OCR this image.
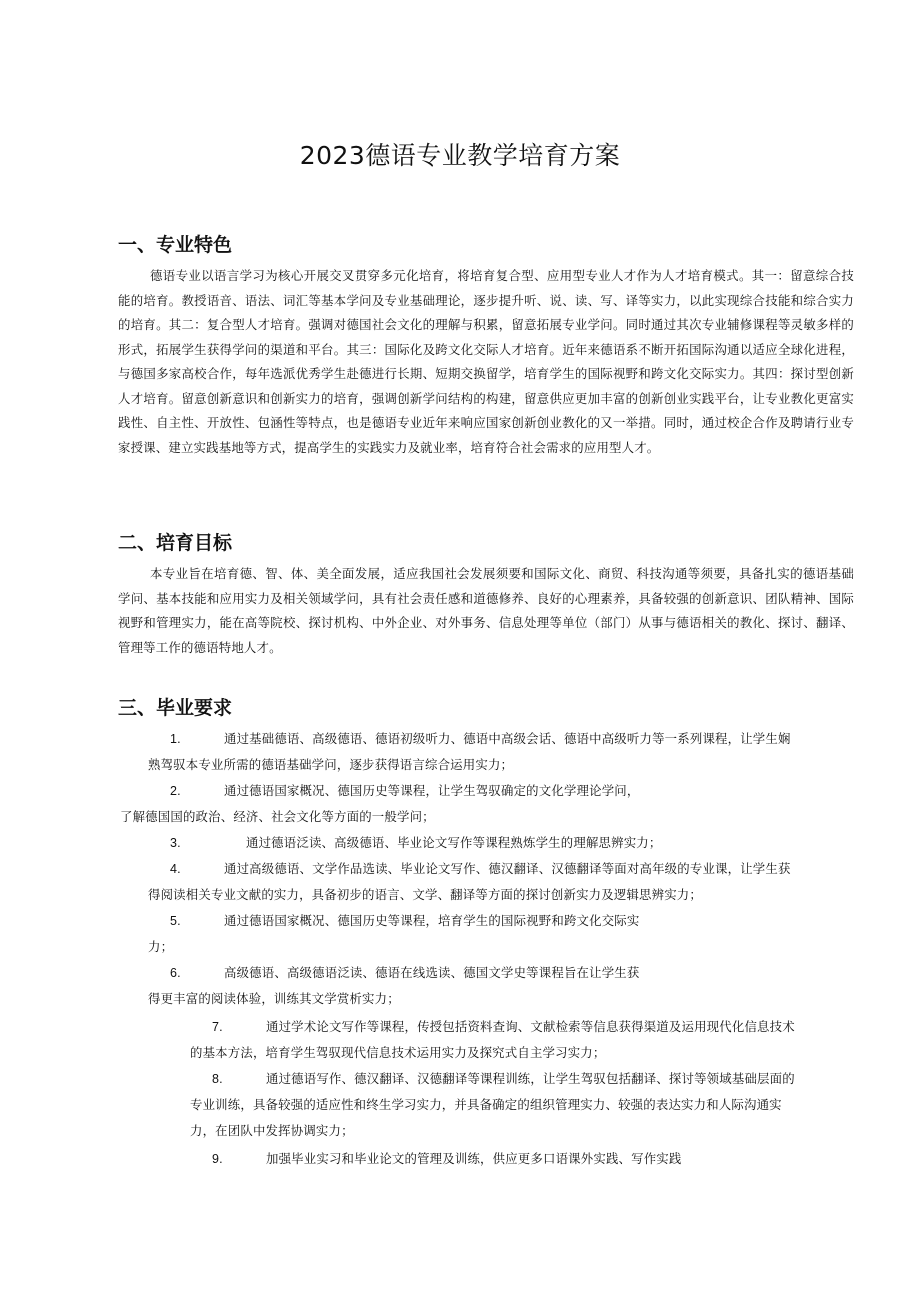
2023德语专业教学培育方案
一、专业特色

德语专业以语言学习为核心开展交叉贯穿多元化培育，将培育复合型、应用型专业人才作为人才培育模式。其一：留意综合技能的培育。教授语音、语法、词汇等基本学问及专业基础理论，逐步提升听、说、读、写、译等实力，以此实现综合技能和综合实力的培育。其二：复合型人才培育。强调对德国社会文化的理解与积累，留意拓展专业学问。同时通过其次专业辅修课程等灵敏多样的形式，拓展学生获得学问的渠道和平台。其三：国际化及跨文化交际人才培育。近年来德语系不断开拓国际沟通以适应全球化进程，与德国多家高校合作，每年选派优秀学生赴德进行长期、短期交换留学，培育学生的国际视野和跨文化交际实力。其四：探讨型创新人才培育。留意创新意识和创新实力的培育，强调创新学问结构的构建，留意供应更加丰富的创新创业实践平台，让专业教化更富实践性、自主性、开放性、包涵性等特点，也是德语专业近年来响应国家创新创业教化的又一举措。同时，通过校企合作及聘请行业专家授课、建立实践基地等方式，提高学生的实践实力及就业率，培育符合社会需求的应用型人才。

二、培育目标

本专业旨在培育德、智、体、美全面发展，适应我国社会发展须要和国际文化、商贸、科技沟通等须要，具备扎实的德语基础学问、基本技能和应用实力及相关领域学问，具有社会责任感和道德修养、良好的心理素养，具备较强的创新意识、团队精神、国际视野和管理实力，能在高等院校、探讨机构、中外企业、对外事务、信息处理等单位（部门）从事与德语相关的教化、探讨、翻译、管理等工作的德语特地人才。

三、毕业要求
1.	通过基础德语、高级德语、德语初级听力、德语中高级会话、德语中高级听力等一系列课程，让学生娴
熟驾驭本专业所需的德语基础学问，逐步获得语言综合运用实力；
2.	通过德语国家概况、德国历史等课程，让学生驾驭确定的文化学理论学问，
了解德国国的政治、经济、社会文化等方面的一般学问；
3.	通过德语泛读、高级德语、毕业论文写作等课程熟炼学生的理解思辨实力；
4.	通过高级德语、文学作品选读、毕业论文写作、德汉翻译、汉德翻译等面对高年级的专业课，让学生获
得阅读相关专业文献的实力，具备初步的语言、文学、翻译等方面的探讨创新实力及逻辑思辨实力；
5.	通过德语国家概况、德国历史等课程，培育学生的国际视野和跨文化交际实
力；
6.	高级德语、高级德语泛读、德语在线选读、德国文学史等课程旨在让学生获
得更丰富的阅读体验，训练其文学赏析实力；
7.	通过学术论文写作等课程，传授包括资料查询、文献检索等信息获得渠道及运用现代化信息技术
的基本方法，培育学生驾驭现代信息技术运用实力及探究式自主学习实力；
8.	通过德语写作、德汉翻译、汉德翻译等课程训练，让学生驾驭包括翻译、探讨等领域基础层面的
专业训练，具备较强的适应性和终生学习实力，并具备确定的组织管理实力、较强的表达实力和人际沟通实
力，在团队中发挥协调实力；
9.	加强毕业实习和毕业论文的管理及训练，供应更多口语课外实践、写作实践
